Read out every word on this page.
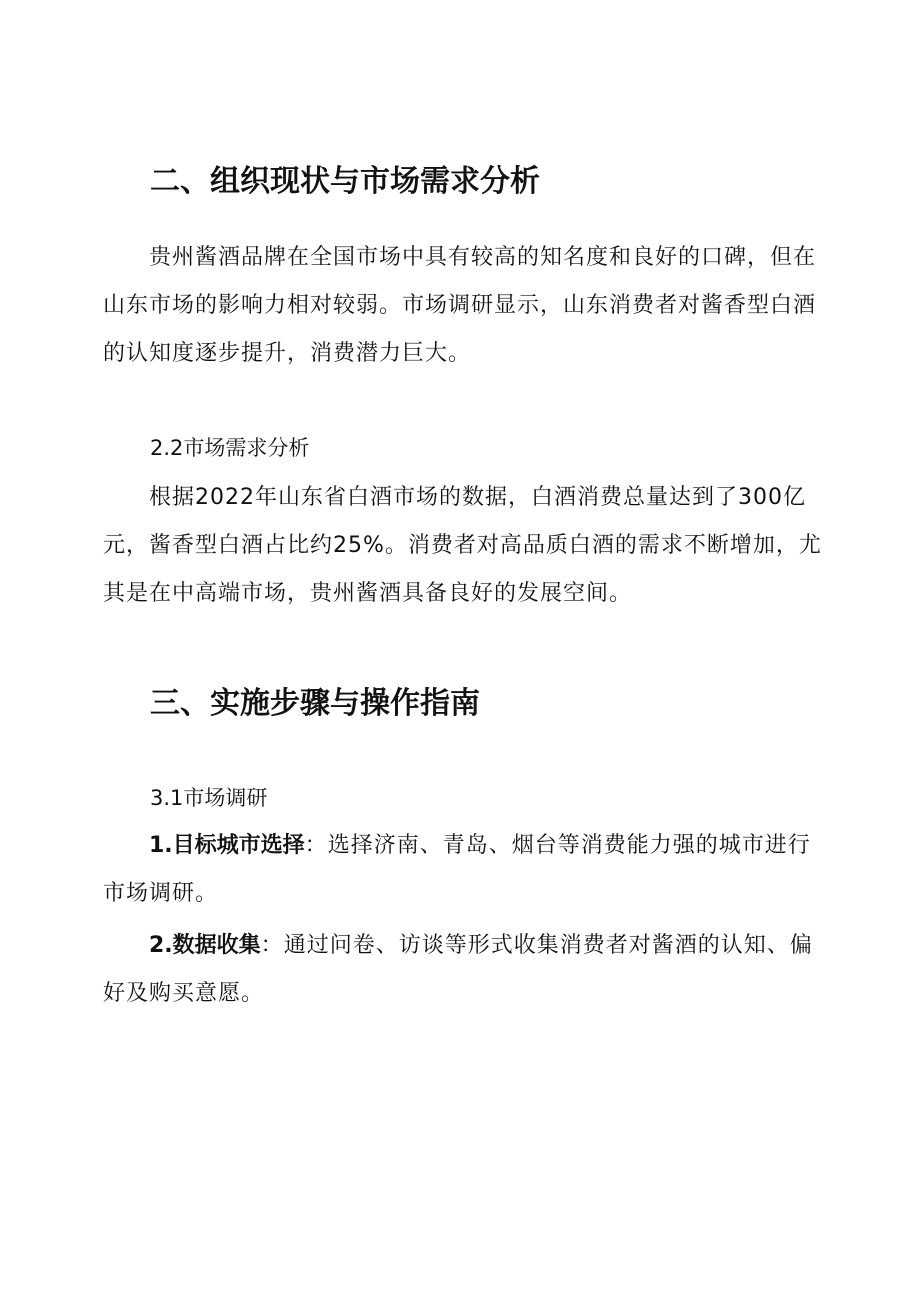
二、组织现状与市场需求分析
贵州酱酒品牌在全国市场中具有较高的知名度和良好的口碑，但在山东市场的影响力相对较弱。市场调研显示，山东消费者对酱香型白酒的认知度逐步提升，消费潜力巨大。
2.2市场需求分析
根据2022年山东省白酒市场的数据，白酒消费总量达到了300亿元，酱香型白酒占比约25%。消费者对高品质白酒的需求不断增加，尤其是在中高端市场，贵州酱酒具备良好的发展空间。
三、实施步骤与操作指南
3.1市场调研
1.目标城市选择：选择济南、青岛、烟台等消费能力强的城市进行市场调研。
2.数据收集：通过问卷、访谈等形式收集消费者对酱酒的认知、偏好及购买意愿。
